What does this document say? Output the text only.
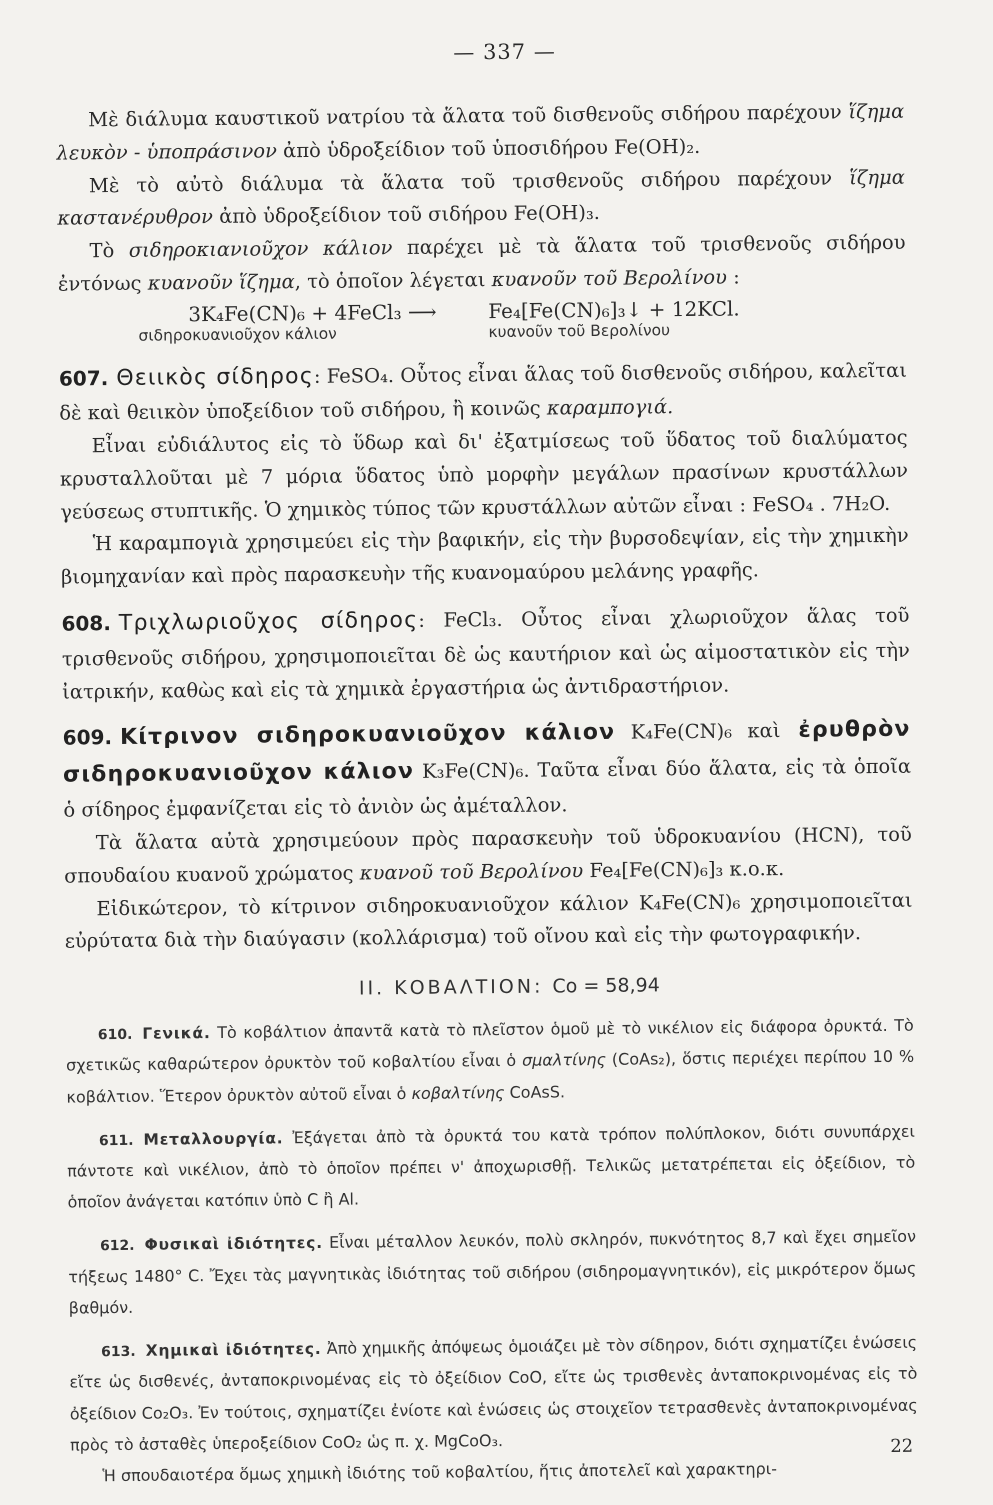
— 337 —

Μὲ διάλυμα καυστικοῦ νατρίου τὰ ἅλατα τοῦ δισθενοῦς σιδήρου παρέχουν ἵζημα λευκὸν - ὑποπράσινον ἀπὸ ὑδροξείδιον τοῦ ὑποσιδήρου Fe(OH)₂.

Μὲ τὸ αὐτὸ διάλυμα τὰ ἅλατα τοῦ τρισθενοῦς σιδήρου παρέχουν ἵζημα καστανέρυθρον ἀπὸ ὑδροξείδιον τοῦ σιδήρου Fe(OH)₃.

Τὸ σιδηροκιανιοῦχον κάλιον παρέχει μὲ τὰ ἅλατα τοῦ τρισθενοῦς σιδήρου ἐντόνως κυανοῦν ἵζημα, τὸ ὁποῖον λέγεται κυανοῦν τοῦ Βερολίνου :

3K₄Fe(CN)₆ + 4FeCl₃ ⟶	Fe₄[Fe(CN)₆]₃↓ + 12KCl.
σιδηροκυανιοῦχον κάλιον	κυανοῦν τοῦ Βερολίνου

607. Θειικὸς σίδηρος: FeSO₄. Οὗτος εἶναι ἅλας τοῦ δισθενοῦς σιδήρου, καλεῖται δὲ καὶ θειικὸν ὑποξείδιον τοῦ σιδήρου, ἢ κοινῶς καραμπογιά.

Εἶναι εὐδιάλυτος εἰς τὸ ὕδωρ καὶ δι' ἐξατμίσεως τοῦ ὕδατος τοῦ διαλύματος κρυσταλλοῦται μὲ 7 μόρια ὕδατος ὑπὸ μορφὴν μεγάλων πρασίνων κρυστάλλων γεύσεως στυπτικῆς. Ὁ χημικὸς τύπος τῶν κρυστάλλων αὐτῶν εἶναι : FeSO₄ . 7H₂O.

Ἡ καραμπογιὰ χρησιμεύει εἰς τὴν βαφικήν, εἰς τὴν βυρσοδεψίαν, εἰς τὴν χημικὴν βιομηχανίαν καὶ πρὸς παρασκευὴν τῆς κυανομαύρου μελάνης γραφῆς.

608. Τριχλωριοῦχος σίδηρος: FeCl₃. Οὗτος εἶναι χλωριοῦχον ἅλας τοῦ τρισθενοῦς σιδήρου, χρησιμοποιεῖται δὲ ὡς καυτήριον καὶ ὡς αἱμοστατικὸν εἰς τὴν ἰατρικήν, καθὼς καὶ εἰς τὰ χημικὰ ἐργαστήρια ὡς ἀντιδραστήριον.

609. Κίτρινον σιδηροκυανιοῦχον κάλιον K₄Fe(CN)₆ καὶ ἐρυθρὸν σιδηροκυανιοῦχον κάλιον K₃Fe(CN)₆. Ταῦτα εἶναι δύο ἅλατα, εἰς τὰ ὁποῖα ὁ σίδηρος ἐμφανίζεται εἰς τὸ ἀνιὸν ὡς ἀμέταλλον.

Τὰ ἅλατα αὐτὰ χρησιμεύουν πρὸς παρασκευὴν τοῦ ὑδροκυανίου (HCN), τοῦ σπουδαίου κυανοῦ χρώματος κυανοῦ τοῦ Βερολίνου Fe₄[Fe(CN)₆]₃ κ.ο.κ.

Εἰδικώτερον, τὸ κίτρινον σιδηροκυανιοῦχον κάλιον K₄Fe(CN)₆ χρησιμοποιεῖται εὐρύτατα διὰ τὴν διαύγασιν (κολλάρισμα) τοῦ οἴνου καὶ εἰς τὴν φωτογραφικήν.

II. ΚΟΒΑΛΤΙΟΝ: Co = 58,94

610. Γενικά. Τὸ κοβάλτιον ἀπαντᾶ κατὰ τὸ πλεῖστον ὁμοῦ μὲ τὸ νικέλιον εἰς διάφορα ὀρυκτά. Τὸ σχετικῶς καθαρώτερον ὀρυκτὸν τοῦ κοβαλτίου εἶναι ὁ σμαλτίνης (CoAs₂), ὅστις περιέχει περίπου 10 % κοβάλτιον. Ἕτερον ὀρυκτὸν αὐτοῦ εἶναι ὁ κοβαλτίνης CoAsS.

611. Μεταλλουργία. Ἐξάγεται ἀπὸ τὰ ὀρυκτά του κατὰ τρόπον πολύπλοκον, διότι συνυπάρχει πάντοτε καὶ νικέλιον, ἀπὸ τὸ ὁποῖον πρέπει ν' ἀποχωρισθῇ. Τελικῶς μετατρέπεται εἰς ὀξείδιον, τὸ ὁποῖον ἀνάγεται κατόπιν ὑπὸ C ἢ Al.

612. Φυσικαὶ ἰδιότητες. Εἶναι μέταλλον λευκόν, πολὺ σκληρόν, πυκνότητος 8,7 καὶ ἔχει σημεῖον τήξεως 1480° C. Ἔχει τὰς μαγνητικὰς ἰδιότητας τοῦ σιδήρου (σιδηρομαγνητικόν), εἰς μικρότερον ὅμως βαθμόν.

613. Χημικαὶ ἰδιότητες. Ἀπὸ χημικῆς ἀπόψεως ὁμοιάζει μὲ τὸν σίδηρον, διότι σχηματίζει ἑνώσεις εἴτε ὡς δισθενές, ἀνταποκρινομένας εἰς τὸ ὀξείδιον CoO, εἴτε ὡς τρισθενὲς ἀνταποκρινομένας εἰς τὸ ὀξείδιον Co₂O₃. Ἐν τούτοις, σχηματίζει ἐνίοτε καὶ ἑνώσεις ὡς στοιχεῖον τετρασθενὲς ἀνταποκρινομένας πρὸς τὸ ἀσταθὲς ὑπεροξείδιον CoO₂ ὡς π. χ. MgCoO₃.

Ἡ σπουδαιοτέρα ὅμως χημικὴ ἰδιότης τοῦ κοβαλτίου, ἥτις ἀποτελεῖ καὶ χαρακτηρι-

22
